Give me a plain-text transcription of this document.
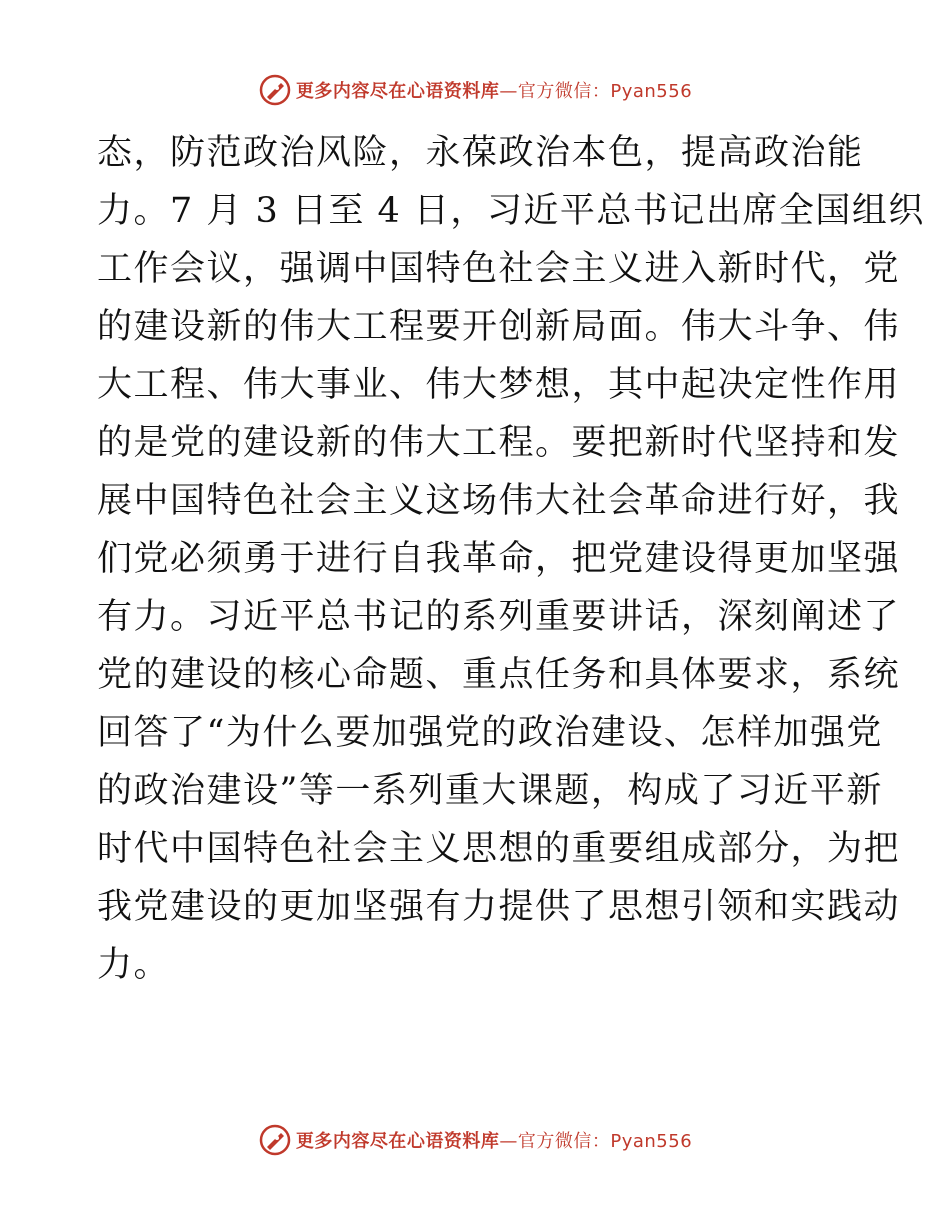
更多内容尽在心语资料库—官方微信：Pyan556
态，防范政治风险，永葆政治本色，提高政治能
力。7 月 3 日至 4 日，习近平总书记出席全国组织
工作会议，强调中国特色社会主义进入新时代，党
的建设新的伟大工程要开创新局面。伟大斗争、伟
大工程、伟大事业、伟大梦想，其中起决定性作用
的是党的建设新的伟大工程。要把新时代坚持和发
展中国特色社会主义这场伟大社会革命进行好，我
们党必须勇于进行自我革命，把党建设得更加坚强
有力。习近平总书记的系列重要讲话，深刻阐述了
党的建设的核心命题、重点任务和具体要求，系统
回答了“为什么要加强党的政治建设、怎样加强党
的政治建设”等一系列重大课题，构成了习近平新
时代中国特色社会主义思想的重要组成部分，为把
我党建设的更加坚强有力提供了思想引领和实践动
力。
更多内容尽在心语资料库—官方微信：Pyan556
